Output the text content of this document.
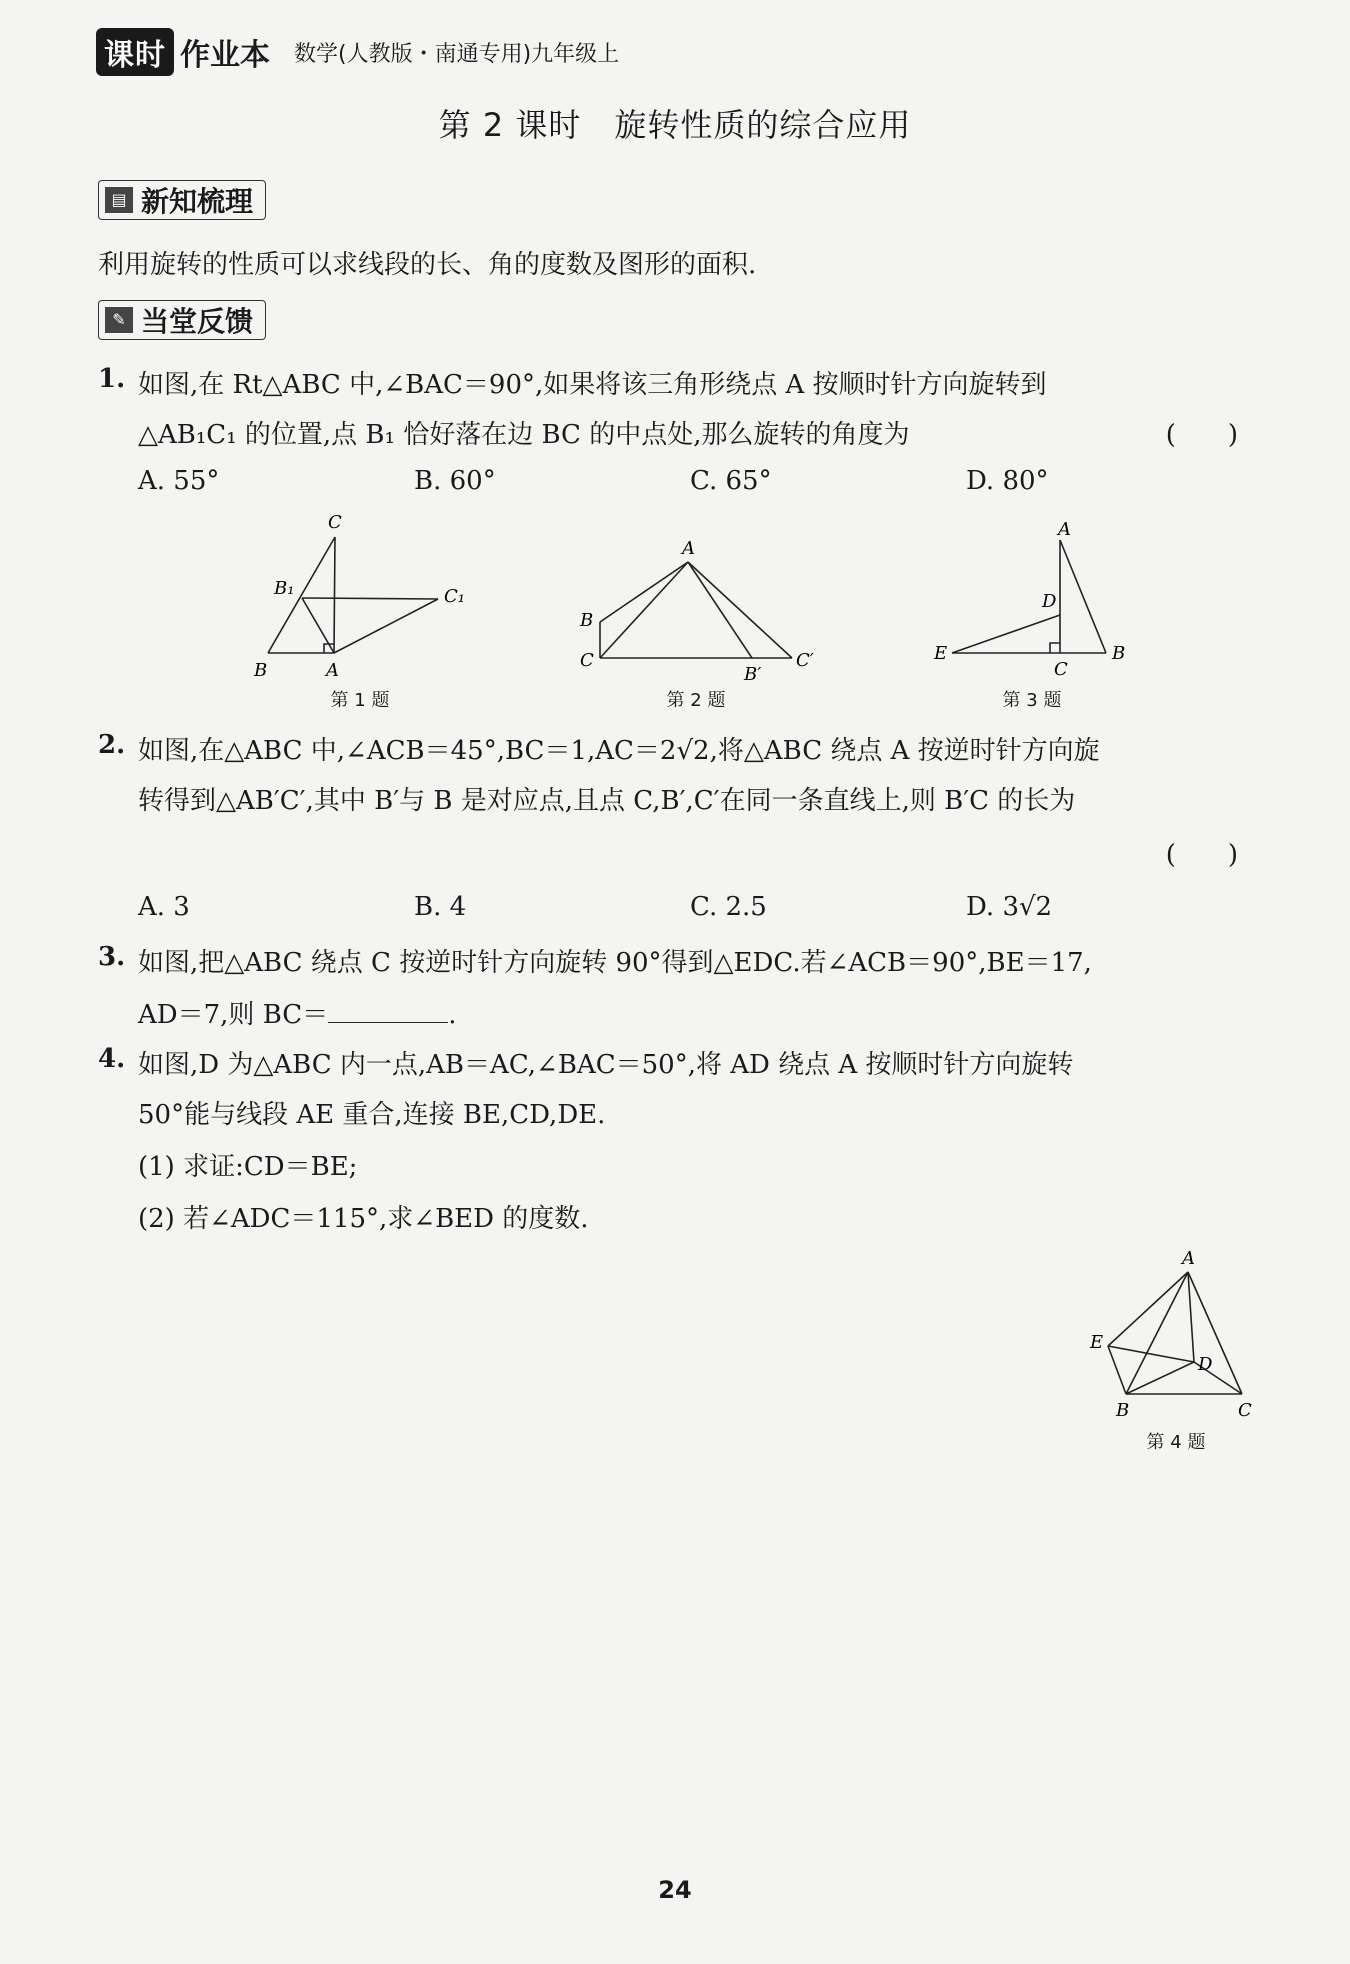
课时 作业本 数学(人教版・南通专用)九年级上
第 2 课时　旋转性质的综合应用
▤ 新知梳理
利用旋转的性质可以求线段的长、角的度数及图形的面积.
✎ 当堂反馈
1. 如图,在 Rt△ABC 中,∠BAC＝90°,如果将该三角形绕点 A 按顺时针方向旋转到
△AB₁C₁ 的位置,点 B₁ 恰好落在边 BC 的中点处,那么旋转的角度为	(　　)
A. 55°	B. 60°	C. 65°	D. 80°
C
B₁	C₁
B	A
第 1 题
A
B
C
B′
C′
第 2 题
A
D
E
C
B
第 3 题
2. 如图,在△ABC 中,∠ACB＝45°,BC＝1,AC＝2√2,将△ABC 绕点 A 按逆时针方向旋
转得到△AB′C′,其中 B′与 B 是对应点,且点 C,B′,C′在同一条直线上,则 B′C 的长为
(　　)
A. 3	B. 4	C. 2.5	D. 3√2
3. 如图,把△ABC 绕点 C 按逆时针方向旋转 90°得到△EDC.若∠ACB＝90°,BE＝17,
AD＝7,则 BC＝	.
4. 如图,D 为△ABC 内一点,AB＝AC,∠BAC＝50°,将 AD 绕点 A 按顺时针方向旋转
50°能与线段 AE 重合,连接 BE,CD,DE.
(1) 求证:CD＝BE;
(2) 若∠ADC＝115°,求∠BED 的度数.
A
E
D
B	C
第 4 题
24
